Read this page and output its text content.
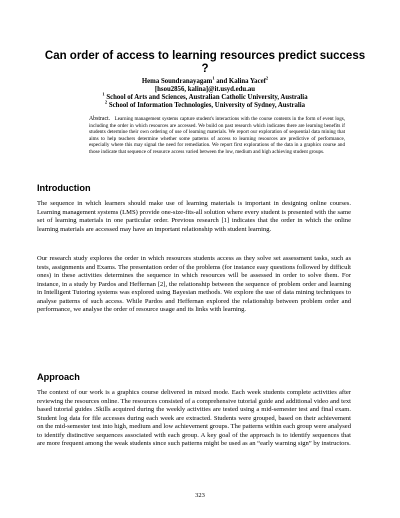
Can order of access to learning resources predict success ?
Hema Soundranayagam$^1$ and Kalina Yacef$^2$
[hsou2856, kalina]@it.usyd.edu.au
$^1$ School of Arts and Sciences, Australian Catholic University, Australia
$^2$ School of Information Technologies, University of Sydney, Australia

Abstract. Learning management systems capture student's interactions with the course contents in the form of event logs, including the order in which resources are accessed. We build on past research which indicates there are learning benefits if students determine their own ordering of use of learning materials. We report our exploration of sequential data mining that aims to help teachers determine whether some patterns of access to learning resources are predictive of performance, especially where this may signal the need for remediation. We report first explorations of the data in a graphics course and those indicate that sequence of resource access varied between the low, medium and high achieving student groups.

Introduction

The sequence in which learners should make use of learning materials is important in designing online courses. Learning management systems (LMS) provide one-size-fits-all solution where every student is presented with the same set of learning materials in one particular order. Previous research [1] indicates that the order in which the online learning materials are accessed may have an important relationship with student learning.

Our research study explores the order in which resources students access as they solve set assessment tasks, such as tests, assignments and Exams. The presentation order of the problems (for instance easy questions followed by difficult ones) in these activities determines the sequence in which resources will be assessed in order to solve them. For instance, in a study by Pardos and Heffernan [2], the relationship between the sequence of problem order and learning in Intelligent Tutoring systems was explored using Bayesian methods. We explore the use of data mining techniques to analyse patterns of such access. While Pardos and Heffernan explored the relationship between problem order and performance, we analyse the order of resource usage and its links with learning.

Approach

The context of our work is a graphics course delivered in mixed mode. Each week students complete activities after reviewing the resources online. The resources consisted of a comprehensive tutorial guide and additional video and text based tutorial guides .Skills acquired during the weekly activities are tested using a mid-semester test and final exam. Student log data for file accesses during each week are extracted. Students were grouped, based on their achievement on the mid-semester test into high, medium and low achievement groups. The patterns within each group were analysed to identify distinctive sequences associated with each group. A key goal of the approach is to identify sequences that are more frequent among the weak students since such patterns might be used as an “early warning sign” by instructors.

323
